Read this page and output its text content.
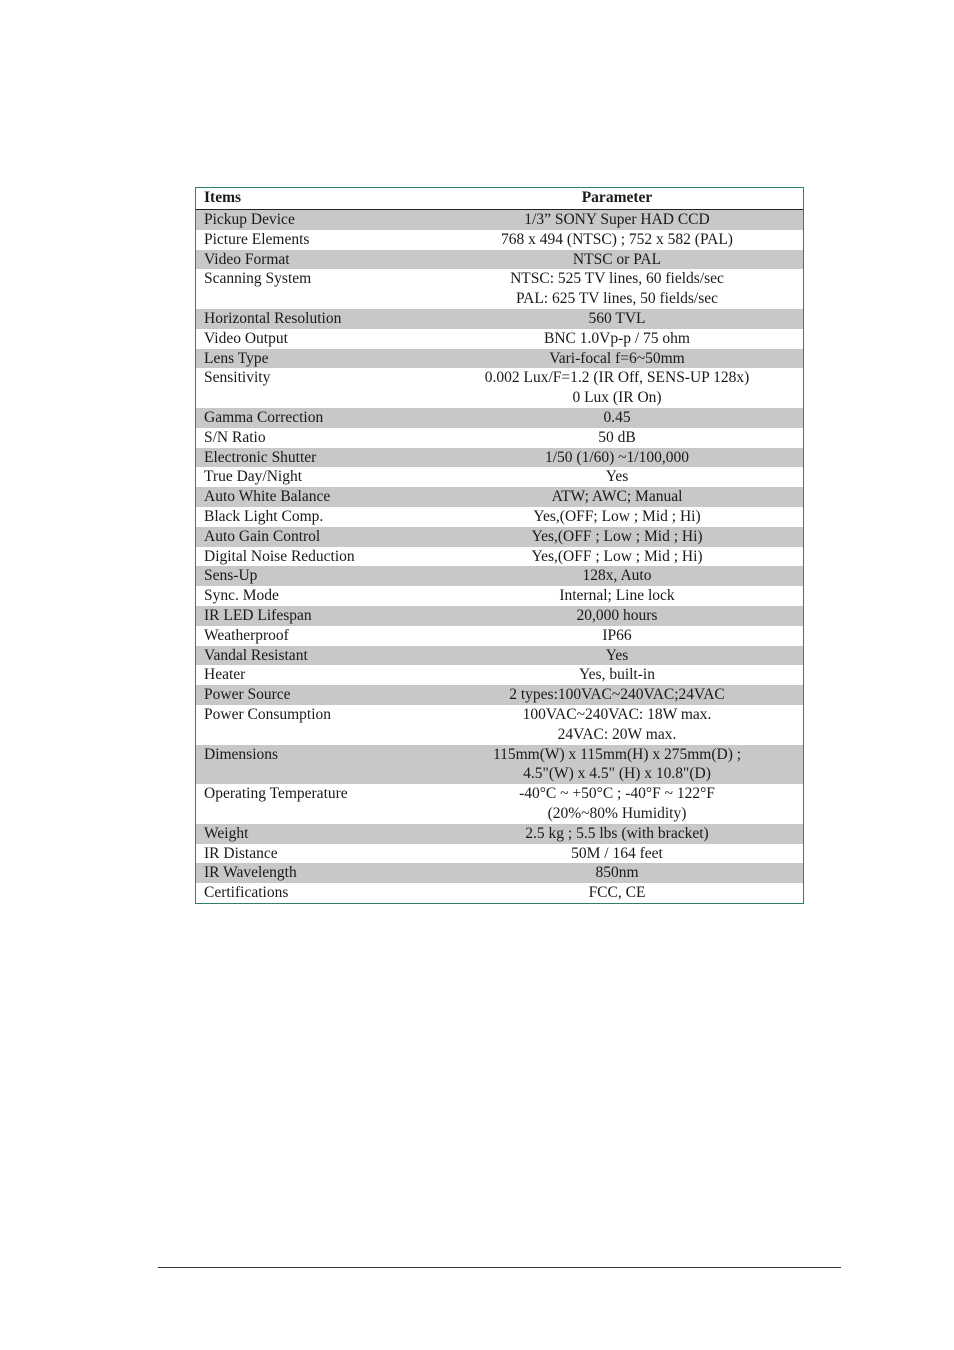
Items	Parameter
Pickup Device	1/3” SONY Super HAD CCD

Picture Elements	768 x 494 (NTSC) ; 752 x 582 (PAL)

Video Format	NTSC or PAL

Scanning System	NTSC: 525 TV lines, 60 fields/sec
PAL: 625 TV lines, 50 fields/sec

Horizontal Resolution	560 TVL

Video Output	BNC 1.0Vp-p / 75 ohm

Lens Type	Vari-focal f=6~50mm

Sensitivity	0.002 Lux/F=1.2 (IR Off, SENS-UP 128x)
0 Lux (IR On)

Gamma Correction	0.45

S/N Ratio	50 dB

Electronic Shutter	1/50 (1/60) ~1/100,000

True Day/Night	Yes

Auto White Balance	ATW; AWC; Manual

Black Light Comp.	Yes,(OFF; Low ; Mid ; Hi)

Auto Gain Control	Yes,(OFF ; Low ; Mid ; Hi)

Digital Noise Reduction	Yes,(OFF ; Low ; Mid ; Hi)

Sens-Up	128x, Auto

Sync. Mode	Internal; Line lock

IR LED Lifespan	20,000 hours

Weatherproof	IP66

Vandal Resistant	Yes

Heater	Yes, built-in

Power Source	2 types:100VAC~240VAC;24VAC

Power Consumption	100VAC~240VAC: 18W max.
24VAC: 20W max.

Dimensions	115mm(W) x 115mm(H) x 275mm(D) ;
4.5"(W) x 4.5" (H) x 10.8"(D)

Operating Temperature	-40°C ~ +50°C ; -40°F ~ 122°F
(20%~80% Humidity)

Weight	2.5 kg ; 5.5 lbs (with bracket)

IR Distance	50M / 164 feet

IR Wavelength	850nm

Certifications	FCC, CE
